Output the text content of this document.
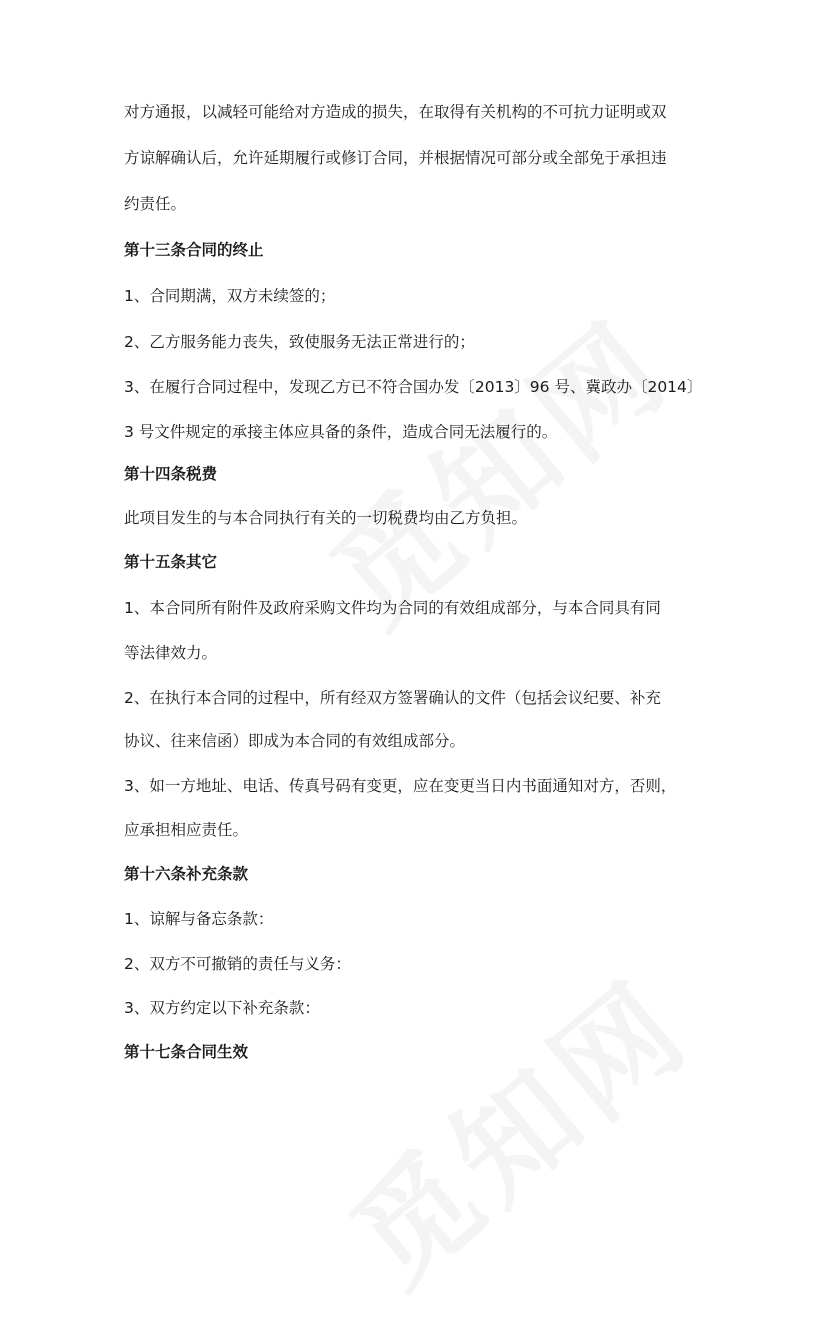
对方通报，以减轻可能给对方造成的损失，在取得有关机构的不可抗力证明或双
方谅解确认后，允许延期履行或修订合同，并根据情况可部分或全部免于承担违
约责任。
第十三条合同的终止
1、合同期满，双方未续签的；
2、乙方服务能力丧失，致使服务无法正常进行的；
3、在履行合同过程中，发现乙方已不符合国办发〔2013〕96 号、冀政办〔2014〕
3 号文件规定的承接主体应具备的条件，造成合同无法履行的。
第十四条税费
此项目发生的与本合同执行有关的一切税费均由乙方负担。
第十五条其它
1、本合同所有附件及政府采购文件均为合同的有效组成部分，与本合同具有同
等法律效力。
2、在执行本合同的过程中，所有经双方签署确认的文件（包括会议纪要、补充
协议、往来信函）即成为本合同的有效组成部分。
3、如一方地址、电话、传真号码有变更，应在变更当日内书面通知对方，否则，
应承担相应责任。
第十六条补充条款
1、谅解与备忘条款：
2、双方不可撤销的责任与义务：
3、双方约定以下补充条款：
第十七条合同生效
